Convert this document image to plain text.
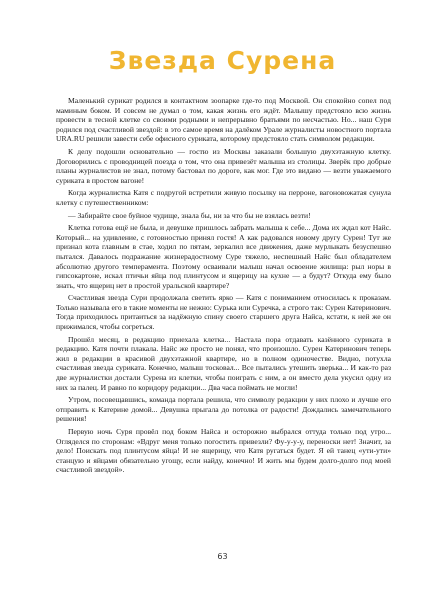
Звезда Сурена

Маленький сурикат родился в контактном зоопарке где-то под Москвой. Он спокойно сопел под маминым боком. И совсем не думал о том, какая жизнь его ждёт. Малышу предстояло всю жизнь провести в тесной клетке со своими родными и непрерывно братьями по несчастью. Но... наш Суря родился под счастливой звездой: в это самое время на далёком Урале журналисты новостного портала URA.RU решили завести себе офисного суриката, которому предстояло стать символом редакции.

К делу подошли основательно — гостю из Москвы заказали большую двухэтажную клетку. Договорились с проводницей поезда о том, что она привезёт малыша из столицы. Зверёк про добрые планы журналистов не знал, потому бастовал по дороге, как мог. Где это видано — везти уважаемого суриката в простом вагоне!

Когда журналистка Катя с подругой встретили живую посылку на перроне, вагоновожатая сунула клетку с путешественником:

— Забирайте свое буйное чудище, знала бы, ни за что бы не взялась везти!

Клетка готова ещё не была, и девушке пришлось забрать малыша к себе... Дома их ждал кот Найс. Который... на удивление, с готовностью принял гостя! А как радовался новому другу Сурен! Тут же признал кота главным в стае, ходил по пятам, зеркалил все движения, даже мурлыкать безуспешно пытался. Давалось подражание жизнерадостному Суре тяжело, неспешный Найс был обладателем абсолютно другого темперамента. Поэтому осваивали малыш начал освоение жилища: рыл норы в гипсокартоне, искал птичьи яйца под плинтусом и ящерицу на кухне — а будут? Откуда ему было знать, что ящериц нет в простой уральской квартире?

Счастливая звезда Сури продолжала светить ярко — Катя с пониманием относилась к проказам. Только называла его в такие моменты не нежно: Сурька или Суречка, а строго так: Сурен Катеринович. Тогда приходилось притаиться за надёжную спину своего старшего друга Найса, кстати, к ней же он прижимался, чтобы согреться.

Прошёл месяц, в редакцию приехала клетка... Настала пора отдавать казённого суриката в редакцию. Катя почти плакала. Найс же просто не понял, что произошло. Сурен Катеринович теперь жил в редакции в красивой двухэтажной квартире, но в полном одиночестве. Видно, потухла счастливая звезда суриката. Конечно, малыш тосковал... Все пытались утешить зверька... И как-то раз две журналистки достали Сурена из клетки, чтобы поиграть с ним, а он вместо дела укусил одну из них за палец. И равно по коридору редакции... Два часа поймать не могли!

Утром, посовещавшись, команда портала решила, что символу редакции у них плохо и лучше его отправить к Катерине домой... Девушка прыгала до потолка от радости! Дождались замечательного решения!

Первую ночь Суря провёл под боком Найса и осторожно выбрался оттуда только под утро... Огляделся по сторонам: «Вдруг меня только погостить привезли? Фу-у-у-у, переноски нет! Значит, за дело! Поискать под плинтусом яйца! И не ящерицу, что Катя ругаться будет. Я ей танец «ути-ути» станцую и яйцами обязательно угощу, если найду, конечно! И жить мы будем долго-долго под моей счастливой звездой».

63
